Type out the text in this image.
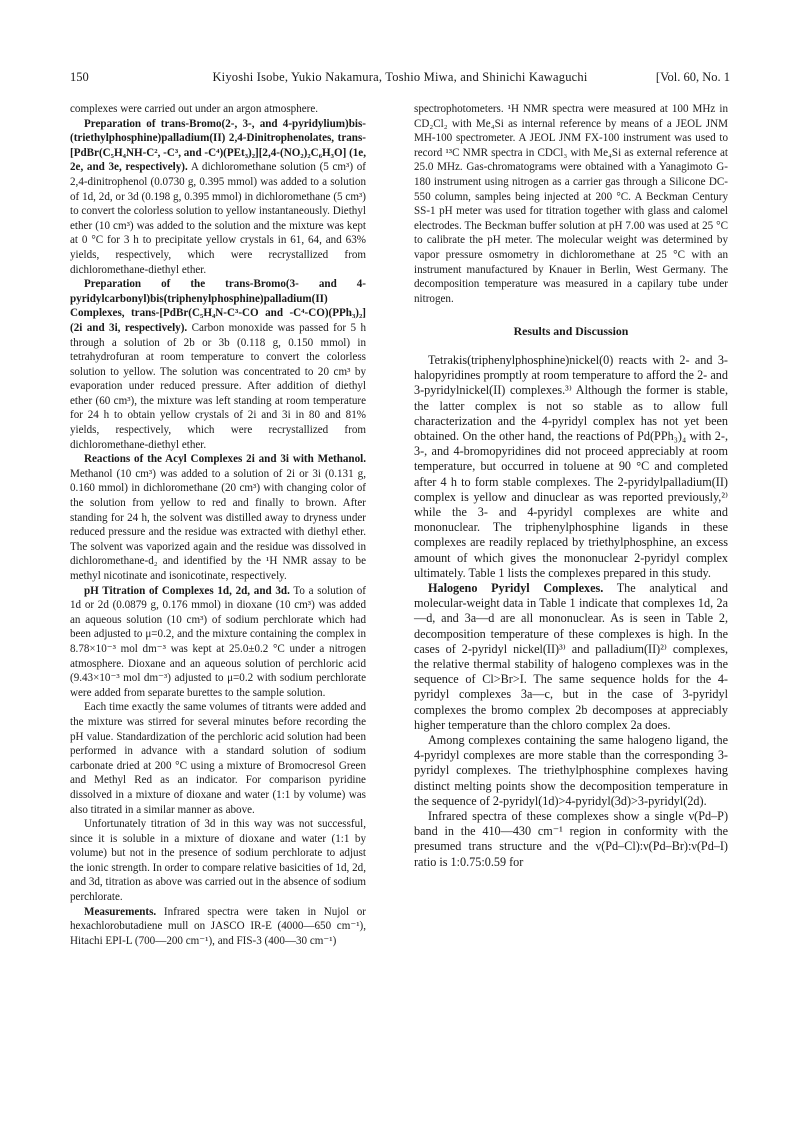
150	Kiyoshi Isobe, Yukio Nakamura, Toshio Miwa, and Shinichi Kawaguchi	[Vol. 60, No. 1

complexes were carried out under an argon atmosphere.

Preparation of trans-Bromo(2-, 3-, and 4-pyridylium)bis-(triethylphosphine)palladium(II) 2,4-Dinitrophenolates, trans-[PdBr(C₅H₄NH-C², -C³, and -C⁴)(PEt₃)₂][2,4-(NO₂)₂C₆H₃O] (1e, 2e, and 3e, respectively). A dichloromethane solution (5 cm³) of 2,4-dinitrophenol (0.0730 g, 0.395 mmol) was added to a solution of 1d, 2d, or 3d (0.198 g, 0.395 mmol) in dichloromethane (5 cm³) to convert the colorless solution to yellow instantaneously. Diethyl ether (10 cm³) was added to the solution and the mixture was kept at 0 °C for 3 h to precipitate yellow crystals in 61, 64, and 63% yields, respectively, which were recrystallized from dichloromethane-diethyl ether.

Preparation of the trans-Bromo(3- and 4- pyridylcarbonyl)bis(triphenylphosphine)palladium(II) Complexes, trans-[PdBr(C₅H₄N-C³-CO and -C⁴-CO)(PPh₃)₂] (2i and 3i, respectively). Carbon monoxide was passed for 5 h through a solution of 2b or 3b (0.118 g, 0.150 mmol) in tetrahydrofuran at room temperature to convert the colorless solution to yellow. The solution was concentrated to 20 cm³ by evaporation under reduced pressure. After addition of diethyl ether (60 cm³), the mixture was left standing at room temperature for 24 h to obtain yellow crystals of 2i and 3i in 80 and 81% yields, respectively, which were recrystallized from dichloromethane-diethyl ether.

Reactions of the Acyl Complexes 2i and 3i with Methanol. Methanol (10 cm³) was added to a solution of 2i or 3i (0.131 g, 0.160 mmol) in dichloromethane (20 cm³) with changing color of the solution from yellow to red and finally to brown. After standing for 24 h, the solvent was distilled away to dryness under reduced pressure and the residue was extracted with diethyl ether. The solvent was vaporized again and the residue was dissolved in dichloromethane-d₂ and identified by the ¹H NMR assay to be methyl nicotinate and isonicotinate, respectively.

pH Titration of Complexes 1d, 2d, and 3d. To a solution of 1d or 2d (0.0879 g, 0.176 mmol) in dioxane (10 cm³) was added an aqueous solution (10 cm³) of sodium perchlorate which had been adjusted to μ=0.2, and the mixture containing the complex in 8.78×10⁻³ mol dm⁻³ was kept at 25.0±0.2 °C under a nitrogen atmosphere. Dioxane and an aqueous solution of perchloric acid (9.43×10⁻³ mol dm⁻³) adjusted to μ=0.2 with sodium perchlorate were added from separate burettes to the sample solution.

Each time exactly the same volumes of titrants were added and the mixture was stirred for several minutes before recording the pH value. Standardization of the perchloric acid solution had been performed in advance with a standard solution of sodium carbonate dried at 200 °C using a mixture of Bromocresol Green and Methyl Red as an indicator. For comparison pyridine dissolved in a mixture of dioxane and water (1:1 by volume) was also titrated in a similar manner as above.

Unfortunately titration of 3d in this way was not successful, since it is soluble in a mixture of dioxane and water (1:1 by volume) but not in the presence of sodium perchlorate to adjust the ionic strength. In order to compare relative basicities of 1d, 2d, and 3d, titration as above was carried out in the absence of sodium perchlorate.

Measurements. Infrared spectra were taken in Nujol or hexachlorobutadiene mull on JASCO IR-E (4000—650 cm⁻¹), Hitachi EPI-L (700—200 cm⁻¹), and FIS-3 (400—30 cm⁻¹)

spectrophotometers. ¹H NMR spectra were measured at 100 MHz in CD₂Cl₂ with Me₄Si as internal reference by means of a JEOL JNM MH-100 spectrometer. A JEOL JNM FX-100 instrument was used to record ¹³C NMR spectra in CDCl₃ with Me₄Si as external reference at 25.0 MHz. Gas-chromatograms were obtained with a Yanagimoto G-180 instrument using nitrogen as a carrier gas through a Silicone DC-550 column, samples being injected at 200 °C. A Beckman Century SS-1 pH meter was used for titration together with glass and calomel electrodes. The Beckman buffer solution at pH 7.00 was used at 25 °C to calibrate the pH meter. The molecular weight was determined by vapor pressure osmometry in dichloromethane at 25 °C with an instrument manufactured by Knauer in Berlin, West Germany. The decomposition temperature was measured in a capilary tube under nitrogen.

Results and Discussion

Tetrakis(triphenylphosphine)nickel(0) reacts with 2- and 3-halopyridines promptly at room temperature to afford the 2- and 3-pyridylnickel(II) complexes.³⁾ Although the former is stable, the latter complex is not so stable as to allow full characterization and the 4-pyridyl complex has not yet been obtained. On the other hand, the reactions of Pd(PPh₃)₄ with 2-, 3-, and 4-bromopyridines did not proceed appreciably at room temperature, but occurred in toluene at 90 °C and completed after 4 h to form stable complexes. The 2-pyridylpalladium(II) complex is yellow and dinuclear as was reported previously,²⁾ while the 3- and 4-pyridyl complexes are white and mononuclear. The triphenylphosphine ligands in these complexes are readily replaced by triethylphosphine, an excess amount of which gives the mononuclear 2-pyridyl complex ultimately. Table 1 lists the complexes prepared in this study.

Halogeno Pyridyl Complexes. The analytical and molecular-weight data in Table 1 indicate that complexes 1d, 2a—d, and 3a—d are all mononuclear. As is seen in Table 2, decomposition temperature of these complexes is high. In the cases of 2-pyridyl nickel(II)³⁾ and palladium(II)²⁾ complexes, the relative thermal stability of halogeno complexes was in the sequence of Cl>Br>I. The same sequence holds for the 4-pyridyl complexes 3a—c, but in the case of 3-pyridyl complexes the bromo complex 2b decomposes at appreciably higher temperature than the chloro complex 2a does.

Among complexes containing the same halogeno ligand, the 4-pyridyl complexes are more stable than the corresponding 3-pyridyl complexes. The triethylphosphine complexes having distinct melting points show the decomposition temperature in the sequence of 2-pyridyl(1d)>4-pyridyl(3d)>3-pyridyl(2d).

Infrared spectra of these complexes show a single ν(Pd–P) band in the 410—430 cm⁻¹ region in conformity with the presumed trans structure and the ν(Pd–Cl):ν(Pd–Br):ν(Pd–I) ratio is 1:0.75:0.59 for
